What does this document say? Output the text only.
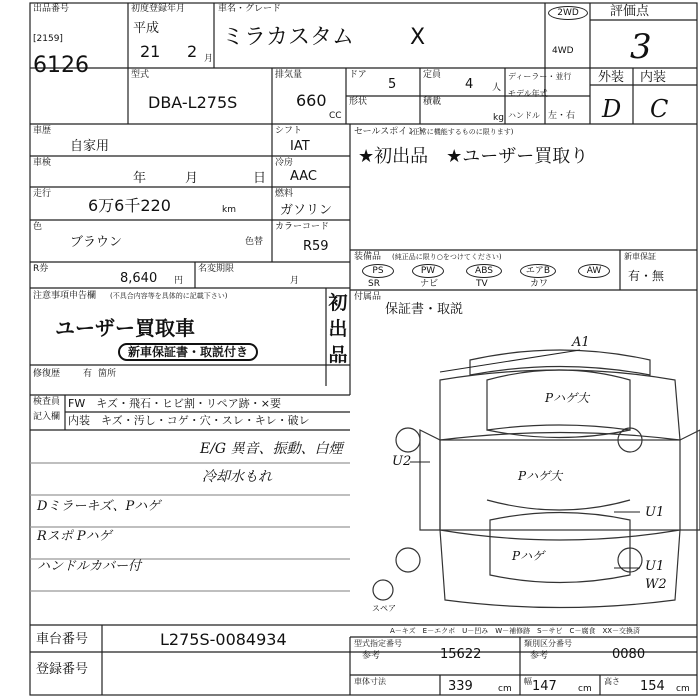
出品番号
[2159]
6126
初度登録年月
平成
21 2 月
車名・グレード
ミラカスタム	X
2WD
4WD
評価点
3
型式
DBA-L275S
排気量
660
CC
ドア
5
定員
4 人
形状	積載
kg
ディーラー・並行
モデル年式
ハンドル 左・右
外装 内装
D C
車歴
自家用
シフト
IAT
車検
年	月	日
冷房
AAC
走行
6万6千220	km
燃料
ガソリン
色
ブラウン	色替
カラーコード
R59
R券
8,640 円
名変期限
月
注意事項申告欄 (不具合内容等を具体的に記載下さい)
ユーザー買取車
新車保証書・取説付き
修復歴	有 箇所
初出品
セールスポイント
(正常に機能するものに限ります)
★初出品　★ユーザー買取り
装備品 (純正品に限り○をつけてください)
PS	PW	ABS	エアB	AW
SR	ナビ	TV	カワ
新車保証
有・無
付属品
保証書・取説
検査員
記入欄
FW　キズ・飛石・ヒビ割・リペア跡・×要
内装　キズ・汚し・コゲ・穴・スレ・キレ・破レ
E/G 異音、振動、白煙
冷却水もれ
Dミラーキズ、Pハゲ
Rスポ Pハゲ
ハンドルカバー付
A1
U2
U1
U1
W2
Pハゲ大
Pハゲ大
Pハゲ
スペア
A－キズ　E－エクボ　U－凹み　W－補修跡　S－サビ　C－腐食　XX－交換済
車台番号	L275S-0084934
登録番号
型式指定番号
参考	15622
類別区分番号
参考	0080
車体寸法	339	cm
幅 147 cm
高さ 154 cm
